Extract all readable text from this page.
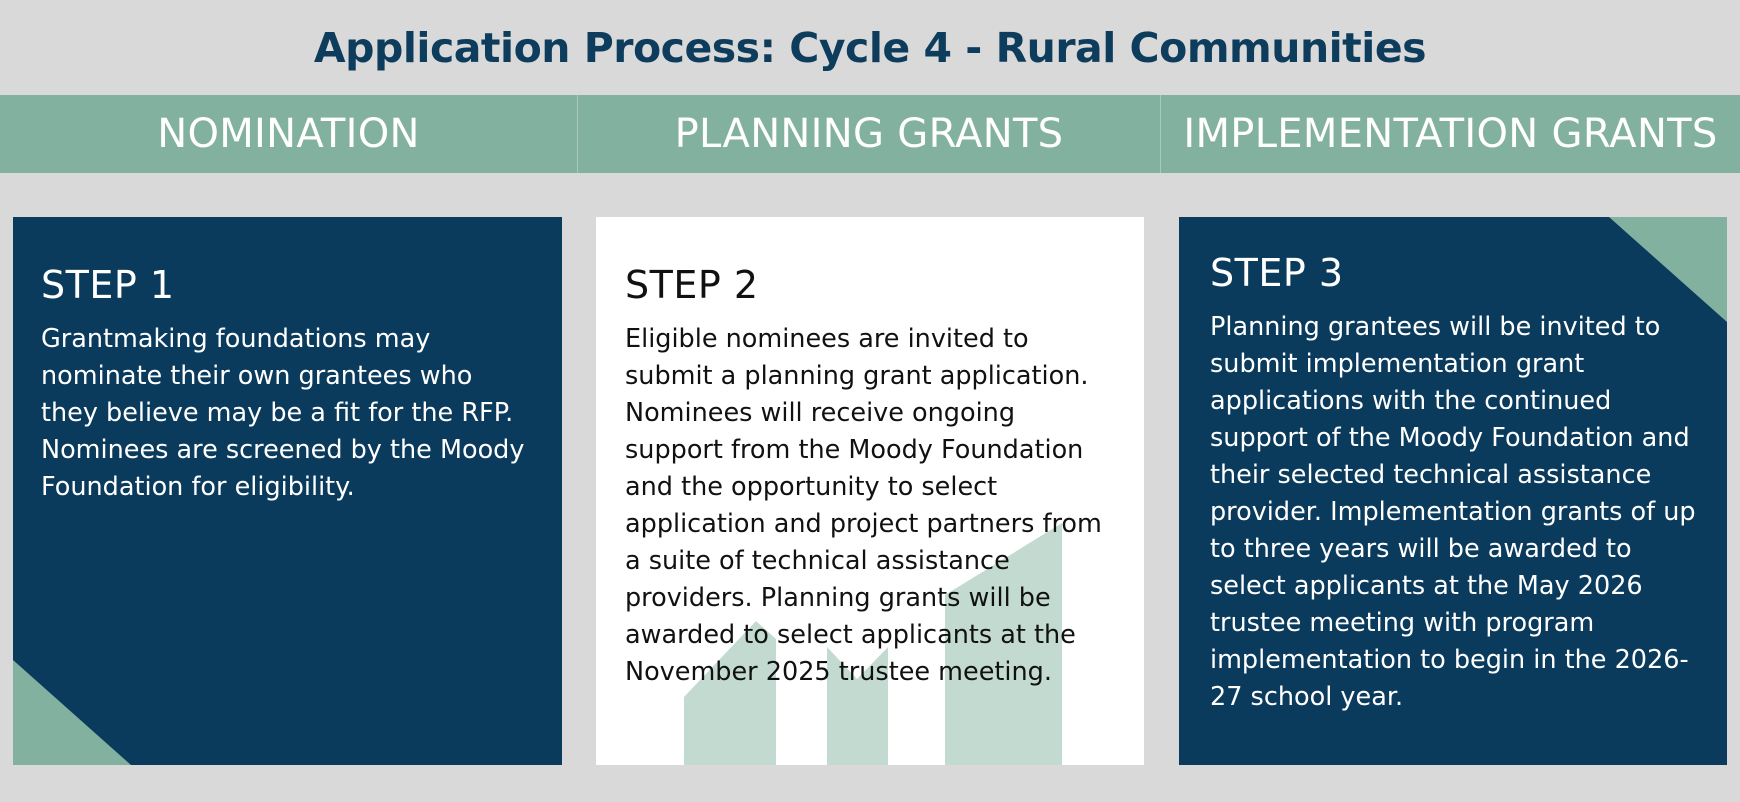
Application Process: Cycle 4 - Rural Communities
NOMINATION	PLANNING GRANTS	IMPLEMENTATION GRANTS
STEP 1
Grantmaking foundations may nominate their own grantees who they believe may be a fit for the RFP. Nominees are screened by the Moody Foundation for eligibility.
STEP 2
Eligible nominees are invited to submit a planning grant application. Nominees will receive ongoing support from the Moody Foundation and the opportunity to select application and project partners from a suite of technical assistance providers. Planning grants will be awarded to select applicants at the November 2025 trustee meeting.
STEP 3
Planning grantees will be invited to submit implementation grant applications with the continued support of the Moody Foundation and their selected technical assistance provider. Implementation grants of up to three years will be awarded to select applicants at the May 2026 trustee meeting with program implementation to begin in the 2026-27 school year.
